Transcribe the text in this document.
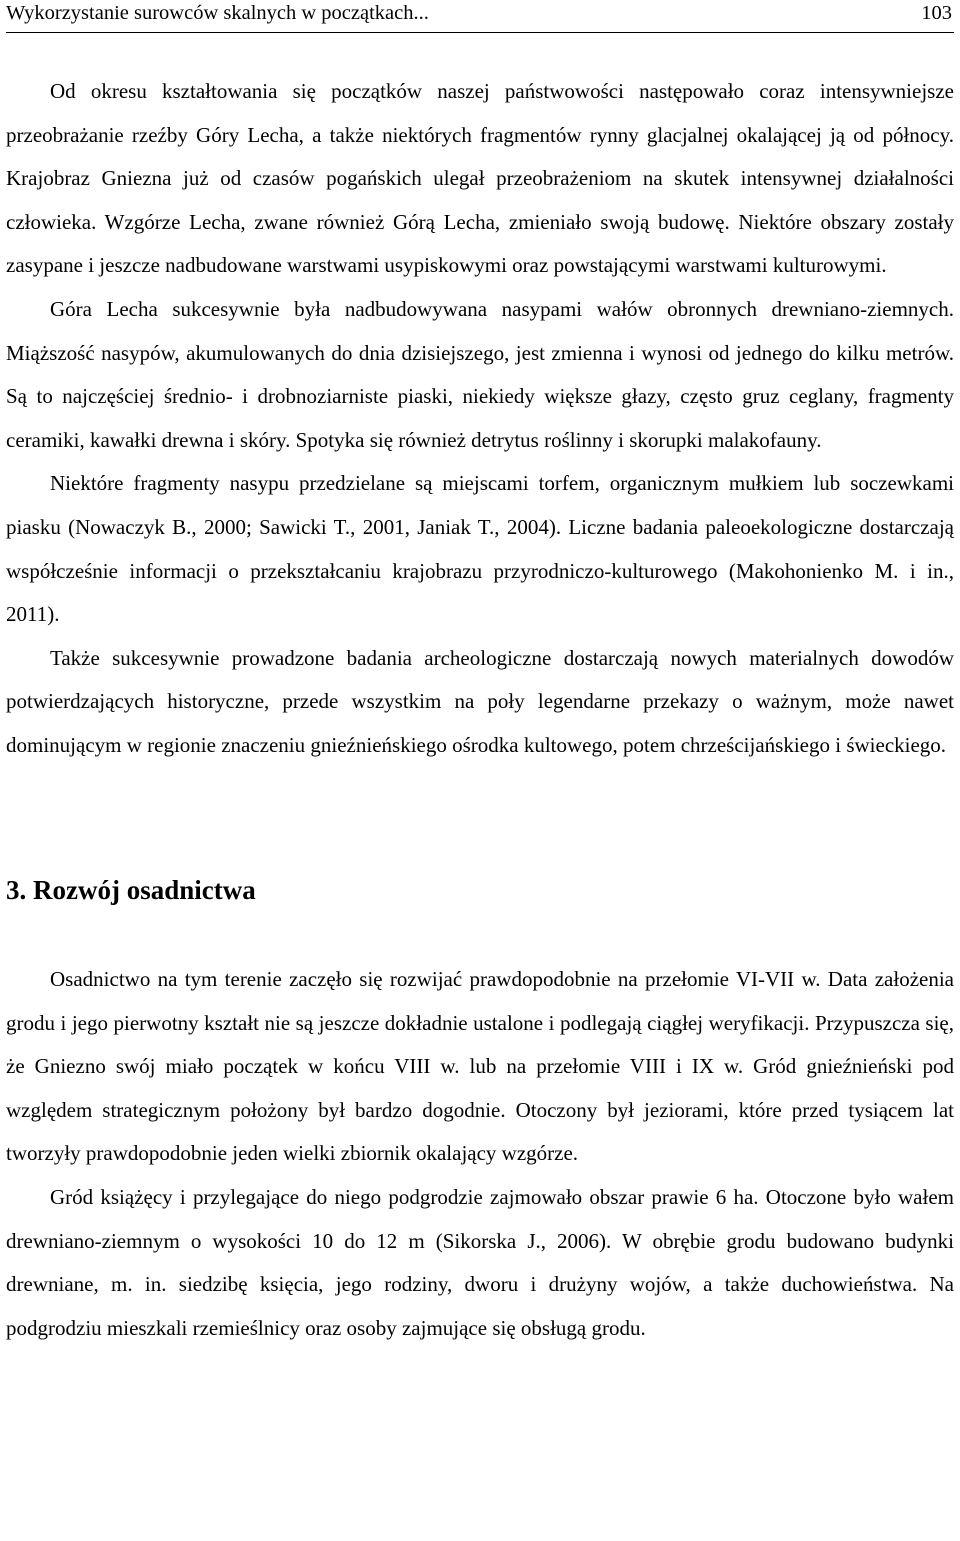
Wykorzystanie surowców skalnych w początkach...	103

Od okresu kształtowania się początków naszej państwowości następowało coraz intensywniejsze przeobrażanie rzeźby Góry Lecha, a także niektórych fragmentów rynny glacjalnej okalającej ją od północy. Krajobraz Gniezna już od czasów pogańskich ulegał przeobrażeniom na skutek intensywnej działalności człowieka. Wzgórze Lecha, zwane również Górą Lecha, zmieniało swoją budowę. Niektóre obszary zostały zasypane i jeszcze nadbudowane warstwami usypiskowymi oraz powstającymi warstwami kulturowymi.

Góra Lecha sukcesywnie była nadbudowywana nasypami wałów obronnych drewniano-ziemnych. Miąższość nasypów, akumulowanych do dnia dzisiejszego, jest zmienna i wynosi od jednego do kilku metrów. Są to najczęściej średnio- i drobnoziarniste piaski, niekiedy większe głazy, często gruz ceglany, fragmenty ceramiki, kawałki drewna i skóry. Spotyka się również detrytus roślinny i skorupki malakofauny.

Niektóre fragmenty nasypu przedzielane są miejscami torfem, organicznym mułkiem lub soczewkami piasku (Nowaczyk B., 2000; Sawicki T., 2001, Janiak T., 2004). Liczne badania paleoekologiczne dostarczają współcześnie informacji o przekształcaniu krajobrazu przyrodniczo-kulturowego (Makohonienko M. i in., 2011).

Także sukcesywnie prowadzone badania archeologiczne dostarczają nowych materialnych dowodów potwierdzających historyczne, przede wszystkim na poły legendarne przekazy o ważnym, może nawet dominującym w regionie znaczeniu gnieźnieńskiego ośrodka kultowego, potem chrześcijańskiego i świeckiego.

3. Rozwój osadnictwa

Osadnictwo na tym terenie zaczęło się rozwijać prawdopodobnie na przełomie VI-VII w. Data założenia grodu i jego pierwotny kształt nie są jeszcze dokładnie ustalone i podlegają ciągłej weryfikacji. Przypuszcza się, że Gniezno swój miało początek w końcu VIII w. lub na przełomie VIII i IX w. Gród gnieźnieński pod względem strategicznym położony był bardzo dogodnie. Otoczony był jeziorami, które przed tysiącem lat tworzyły prawdopodobnie jeden wielki zbiornik okalający wzgórze.

Gród książęcy i przylegające do niego podgrodzie zajmowało obszar prawie 6 ha. Otoczone było wałem drewniano-ziemnym o wysokości 10 do 12 m (Sikorska J., 2006). W obrębie grodu budowano budynki drewniane, m. in. siedzibę księcia, jego rodziny, dworu i drużyny wojów, a także duchowieństwa. Na podgrodziu mieszkali rzemieślnicy oraz osoby zajmujące się obsługą grodu.
